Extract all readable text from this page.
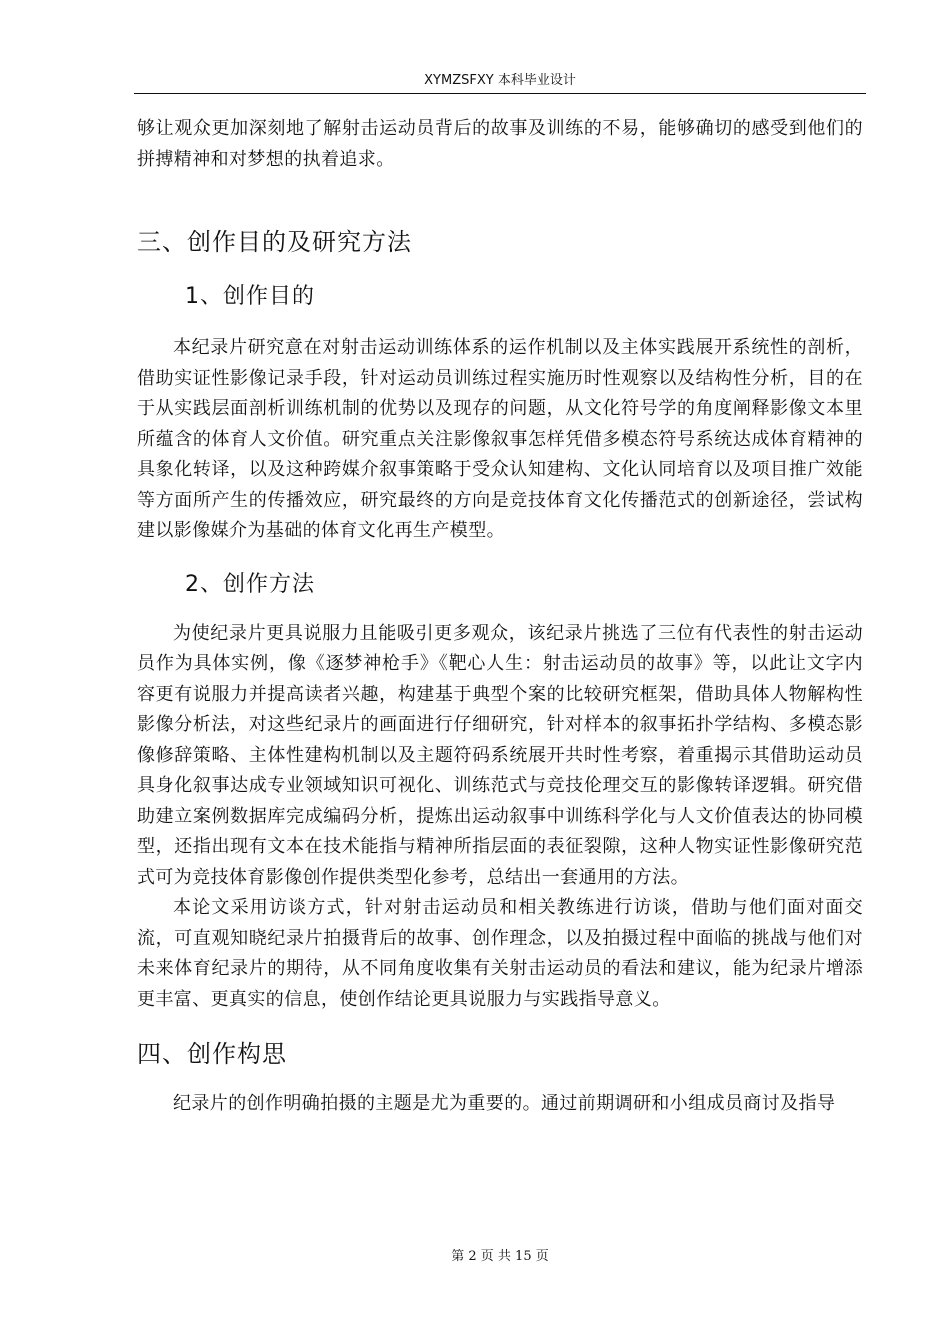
XYMZSFXY 本科毕业设计

够让观众更加深刻地了解射击运动员背后的故事及训练的不易，能够确切的感受到他们的拼搏精神和对梦想的执着追求。

三、创作目的及研究方法
1、创作目的

本纪录片研究意在对射击运动训练体系的运作机制以及主体实践展开系统性的剖析，借助实证性影像记录手段，针对运动员训练过程实施历时性观察以及结构性分析，目的在于从实践层面剖析训练机制的优势以及现存的问题，从文化符号学的角度阐释影像文本里所蕴含的体育人文价值。研究重点关注影像叙事怎样凭借多模态符号系统达成体育精神的具象化转译，以及这种跨媒介叙事策略于受众认知建构、文化认同培育以及项目推广效能等方面所产生的传播效应，研究最终的方向是竞技体育文化传播范式的创新途径，尝试构建以影像媒介为基础的体育文化再生产模型。

2、创作方法

为使纪录片更具说服力且能吸引更多观众，该纪录片挑选了三位有代表性的射击运动员作为具体实例，像《逐梦神枪手》《靶心人生：射击运动员的故事》等，以此让文字内容更有说服力并提高读者兴趣，构建基于典型个案的比较研究框架，借助具体人物解构性影像分析法，对这些纪录片的画面进行仔细研究，针对样本的叙事拓扑学结构、多模态影像修辞策略、主体性建构机制以及主题符码系统展开共时性考察，着重揭示其借助运动员具身化叙事达成专业领域知识可视化、训练范式与竞技伦理交互的影像转译逻辑。研究借助建立案例数据库完成编码分析，提炼出运动叙事中训练科学化与人文价值表达的协同模型，还指出现有文本在技术能指与精神所指层面的表征裂隙，这种人物实证性影像研究范式可为竞技体育影像创作提供类型化参考，总结出一套通用的方法。

本论文采用访谈方式，针对射击运动员和相关教练进行访谈，借助与他们面对面交流，可直观知晓纪录片拍摄背后的故事、创作理念，以及拍摄过程中面临的挑战与他们对未来体育纪录片的期待，从不同角度收集有关射击运动员的看法和建议，能为纪录片增添更丰富、更真实的信息，使创作结论更具说服力与实践指导意义。

四、创作构思

纪录片的创作明确拍摄的主题是尤为重要的。通过前期调研和小组成员商讨及指导

第 2 页 共 15 页
